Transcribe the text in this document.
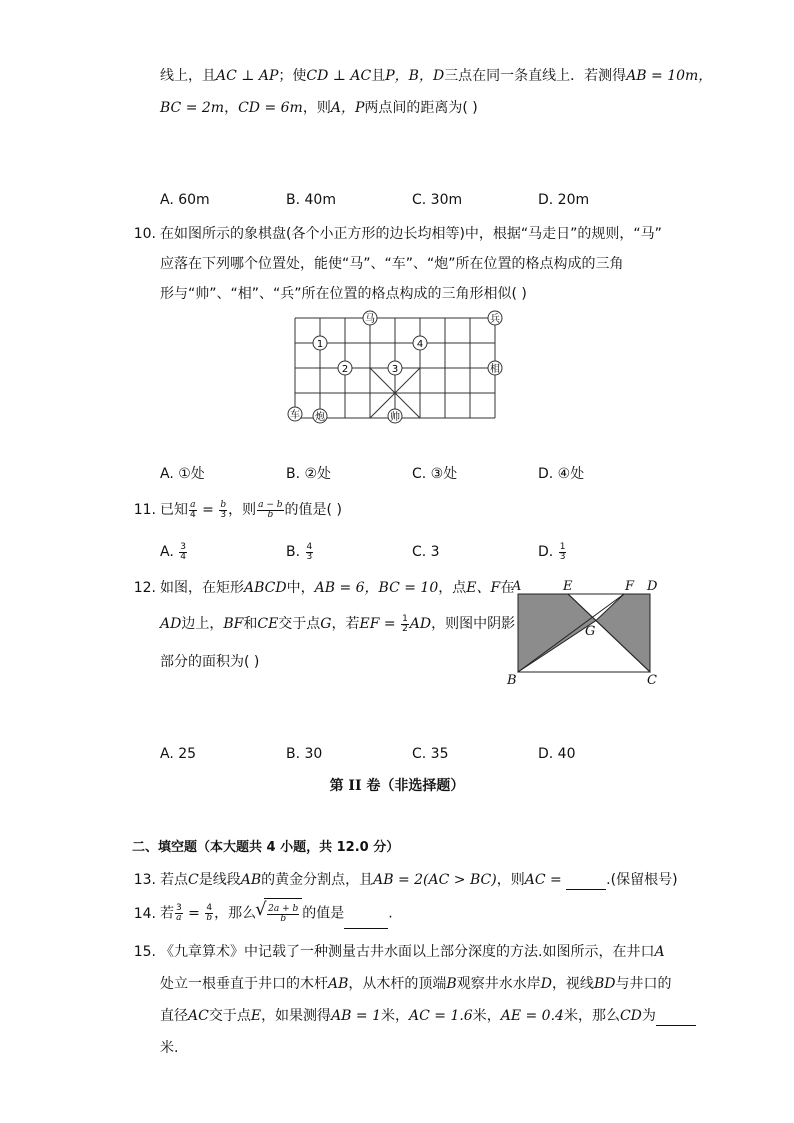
线上，且AC ⊥ AP；使CD ⊥ AC且P，B，D三点在同一条直线上．若测得AB = 10m，
BC = 2m，CD = 6m，则A，P两点间的距离为( )
A. 60m	B. 40m	C. 30m	D. 20m
10. 在如图所示的象棋盘(各个小正方形的边长均相等)中，根据“马走日”的规则，“马”
应落在下列哪个位置处，能使“马”、“车”、“炮”所在位置的格点构成的三角
形与“帅”、“相”、“兵”所在位置的格点构成的三角形相似( )
马	兵
1	4
2	3	相
车 炮	帅
A. ①处	B. ②处	C. ③处	D. ④处
11. 已知 $\frac{a}{4} = \frac{b}{3}$ ，则 $\frac{a - b}{b}$ 的值是( )
A. $\frac{3}{4}$	B. $\frac{4}{3}$	C. 3	D. $\frac{1}{3}$
12. 如图，在矩形ABCD中，AB = 6，BC = 10，点E、F在
AD边上，BF和CE交于点G，若EF = $\frac{1}{2}$ AD，则图中阴影
部分的面积为( )
A	E	F D
G
B	C
A. 25	B. 30	C. 35	D. 40
第 II 卷（非选择题）
二、填空题（本大题共 4 小题，共 12.0 分）
13. 若点C是线段AB的黄金分割点，且AB = 2(AC > BC)，则AC =	.(保留根号)
14. 若 $\frac{3}{a} = \frac{4}{b}$ ，那么
√ $\frac{2a + b}{b}$ 的值是	.
15. 《九章算术》中记载了一种测量古井水面以上部分深度的方法.如图所示，在井口A
处立一根垂直于井口的木杆AB，从木杆的顶端B观察井水水岸D，视线BD与井口的
直径AC交于点E，如果测得AB = 1米，AC = 1.6米，AE = 0.4米，那么CD为
米.
